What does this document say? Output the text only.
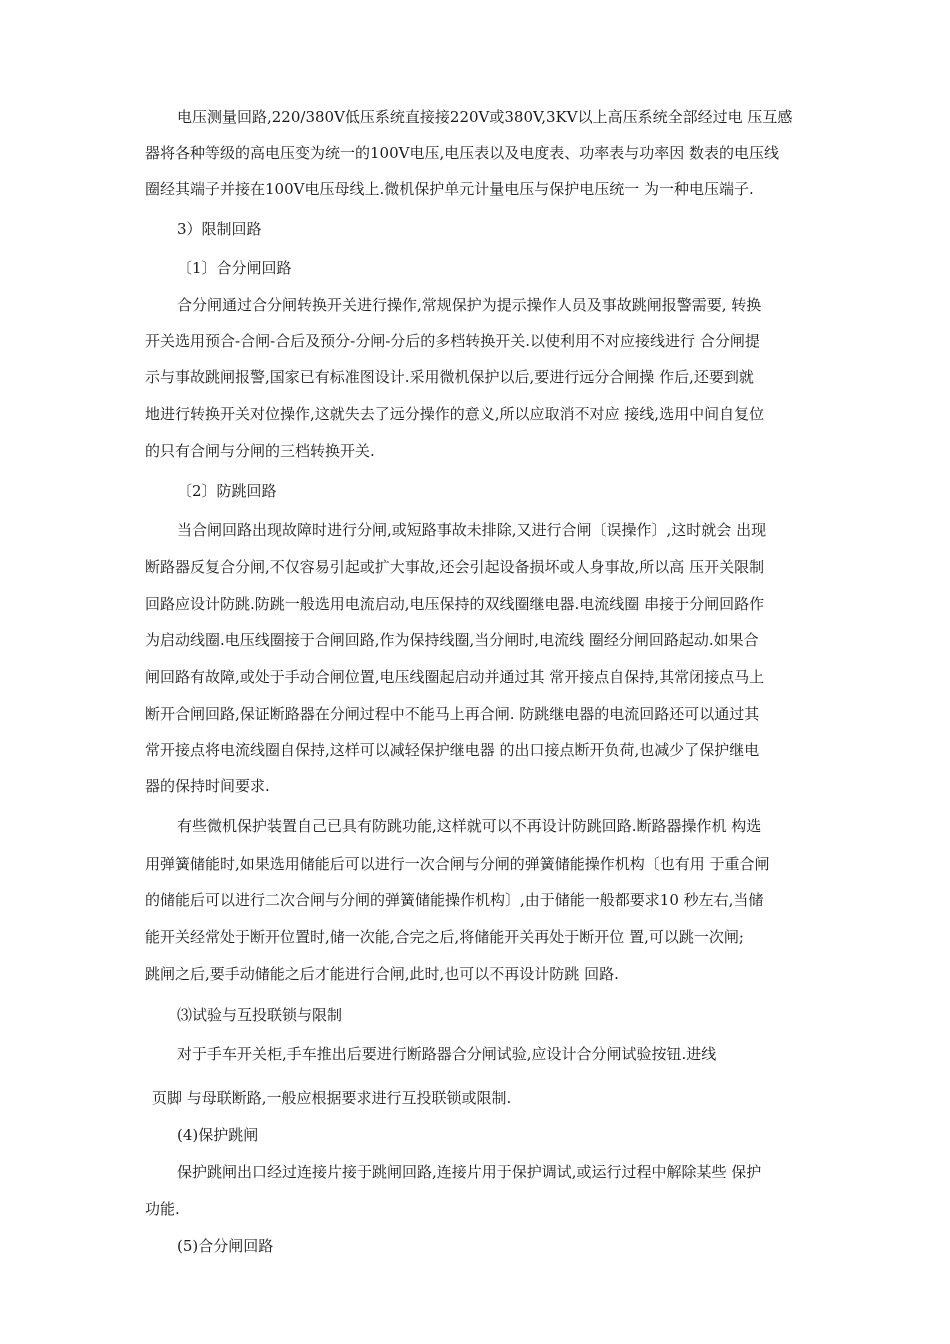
电压测量回路,220/380V低压系统直接接220V或380V,3KV以上高压系统全部经过电 压互感
器将各种等级的高电压变为统一的100V电压,电压表以及电度表、功率表与功率因 数表的电压线
圈经其端子并接在100V电压母线上.微机保护单元计量电压与保护电压统一 为一种电压端子.
3）限制回路
〔1〕合分闸回路
合分闸通过合分闸转换开关进行操作,常规保护为提示操作人员及事故跳闸报警需要, 转换
开关选用预合-合闸-合后及预分-分闸-分后的多档转换开关.以使利用不对应接线进行 合分闸提
示与事故跳闸报警,国家已有标准图设计.采用微机保护以后,要进行远分合闸操 作后,还要到就
地进行转换开关对位操作,这就失去了远分操作的意义,所以应取消不对应 接线,选用中间自复位
的只有合闸与分闸的三档转换开关.
〔2〕防跳回路
当合闸回路出现故障时进行分闸,或短路事故未排除,又进行合闸〔误操作〕,这时就会 出现
断路器反复合分闸,不仅容易引起或扩大事故,还会引起设备损坏或人身事故,所以高 压开关限制
回路应设计防跳.防跳一般选用电流启动,电压保持的双线圈继电器.电流线圈 串接于分闸回路作
为启动线圈.电压线圈接于合闸回路,作为保持线圈,当分闸时,电流线 圈经分闸回路起动.如果合
闸回路有故障,或处于手动合闸位置,电压线圈起启动并通过其 常开接点自保持,其常闭接点马上
断开合闸回路,保证断路器在分闸过程中不能马上再合闸. 防跳继电器的电流回路还可以通过其
常开接点将电流线圈自保持,这样可以减轻保护继电器 的出口接点断开负荷,也减少了保护继电
器的保持时间要求.
有些微机保护装置自己已具有防跳功能,这样就可以不再设计防跳回路.断路器操作机 构选
用弹簧储能时,如果选用储能后可以进行一次合闸与分闸的弹簧储能操作机构〔也有用 于重合闸
的储能后可以进行二次合闸与分闸的弹簧储能操作机构〕,由于储能一般都要求10 秒左右,当储
能开关经常处于断开位置时,储一次能,合完之后,将储能开关再处于断开位 置,可以跳一次闸;
跳闸之后,要手动储能之后才能进行合闸,此时,也可以不再设计防跳 回路.
⑶试验与互投联锁与限制
对于手车开关柜,手车推出后要进行断路器合分闸试验,应设计合分闸试验按钮.进线
页脚 与母联断路,一般应根据要求进行互投联锁或限制.
(4)保护跳闸
保护跳闸出口经过连接片接于跳闸回路,连接片用于保护调试,或运行过程中解除某些 保护
功能.
(5)合分闸回路
